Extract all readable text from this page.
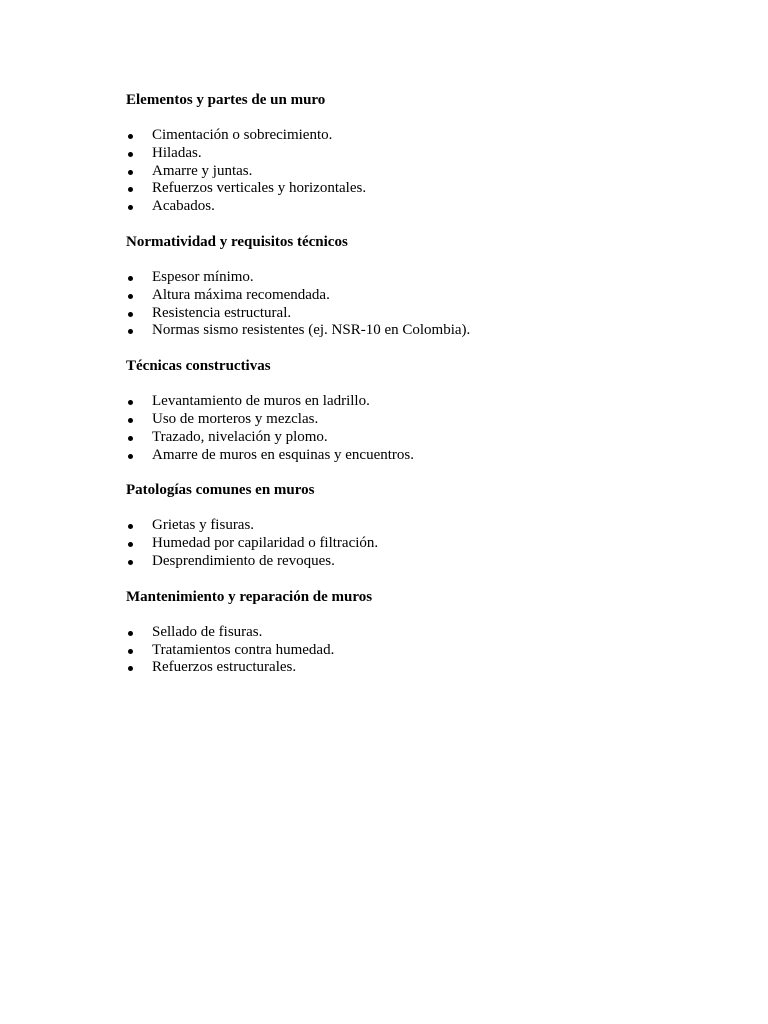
Elementos y partes de un muro
Cimentación o sobrecimiento.
Hiladas.
Amarre y juntas.
Refuerzos verticales y horizontales.
Acabados.
Normatividad y requisitos técnicos
Espesor mínimo.
Altura máxima recomendada.
Resistencia estructural.
Normas sismo resistentes (ej. NSR-10 en Colombia).
Técnicas constructivas
Levantamiento de muros en ladrillo.
Uso de morteros y mezclas.
Trazado, nivelación y plomo.
Amarre de muros en esquinas y encuentros.
Patologías comunes en muros
Grietas y fisuras.
Humedad por capilaridad o filtración.
Desprendimiento de revoques.
Mantenimiento y reparación de muros
Sellado de fisuras.
Tratamientos contra humedad.
Refuerzos estructurales.
